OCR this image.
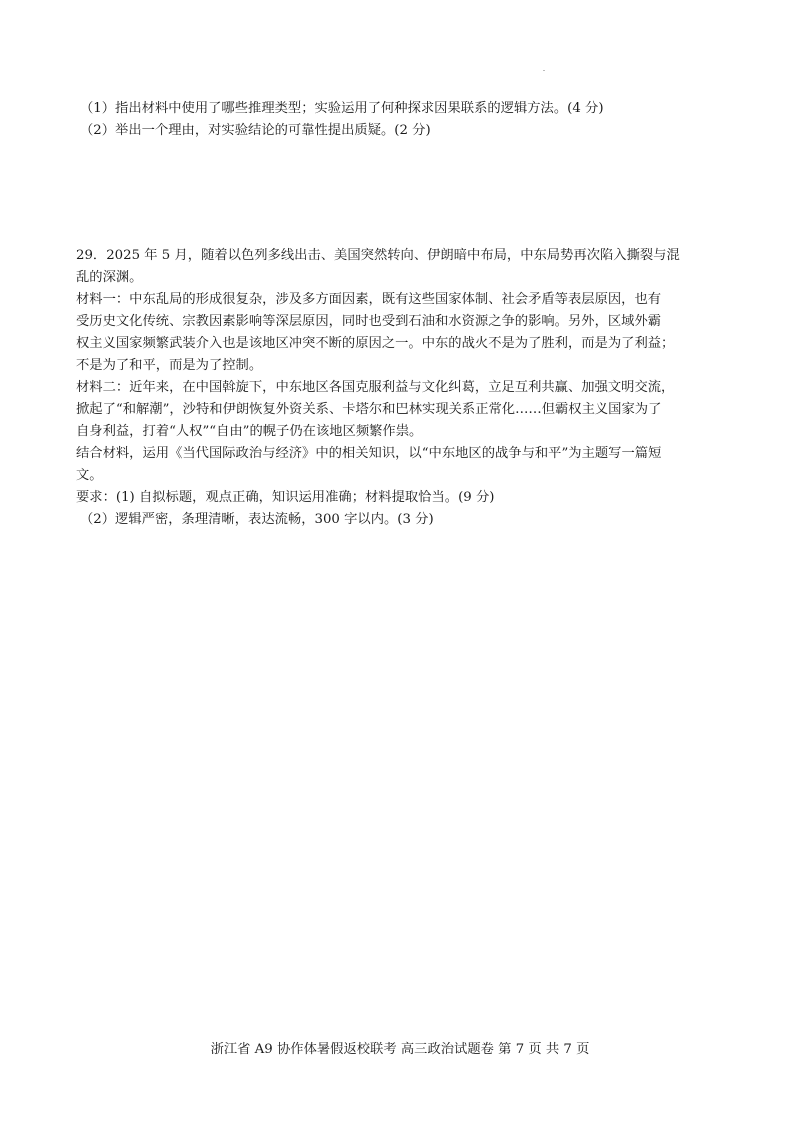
（1）指出材料中使用了哪些推理类型；实验运用了何种探求因果联系的逻辑方法。(4 分)
（2）举出一个理由，对实验结论的可靠性提出质疑。(2 分)
29．2025 年 5 月，随着以色列多线出击、美国突然转向、伊朗暗中布局，中东局势再次陷入撕裂与混
乱的深渊。
材料一：中东乱局的形成很复杂，涉及多方面因素，既有这些国家体制、社会矛盾等表层原因，也有
受历史文化传统、宗教因素影响等深层原因，同时也受到石油和水资源之争的影响。另外，区域外霸
权主义国家频繁武装介入也是该地区冲突不断的原因之一。中东的战火不是为了胜利，而是为了利益；
不是为了和平，而是为了控制。
材料二：近年来，在中国斡旋下，中东地区各国克服利益与文化纠葛，立足互利共赢、加强文明交流，
掀起了“和解潮”，沙特和伊朗恢复外资关系、卡塔尔和巴林实现关系正常化……但霸权主义国家为了
自身利益，打着“人权”“自由”的幌子仍在该地区频繁作祟。
结合材料，运用《当代国际政治与经济》中的相关知识，以“中东地区的战争与和平”为主题写一篇短
文。
要求：(1) 自拟标题，观点正确，知识运用准确；材料提取恰当。(9 分)
（2）逻辑严密，条理清晰，表达流畅，300 字以内。(3 分)
浙江省 A9 协作体暑假返校联考 高三政治试题卷 第 7 页 共 7 页
